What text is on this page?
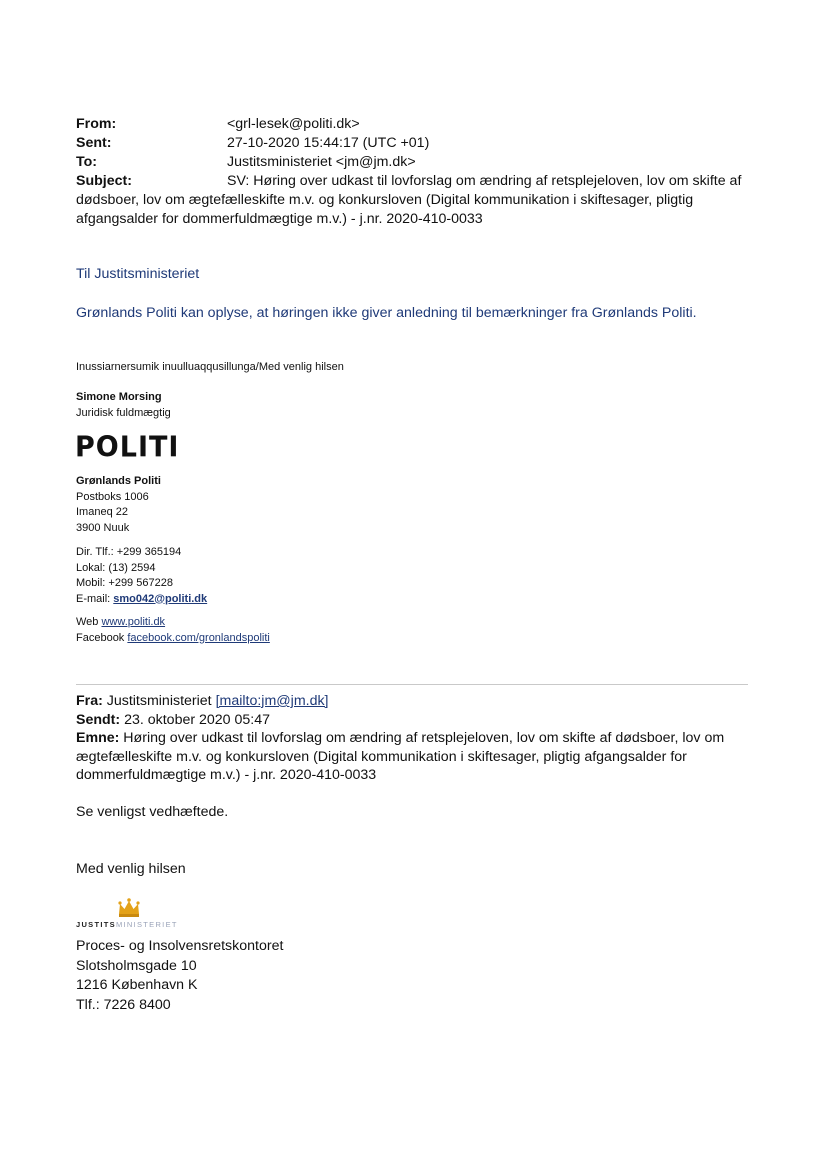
From:	<grl-lesek@politi.dk>
Sent:	27-10-2020 15:44:17 (UTC +01)
To:	Justitsministeriet <jm@jm.dk>
Subject:	SV: Høring over udkast til lovforslag om ændring af retsplejeloven, lov om skifte af
dødsboer, lov om ægtefælleskifte m.v. og konkursloven (Digital kommunikation i skiftesager, pligtig
afgangsalder for dommerfuldmægtige m.v.) - j.nr. 2020-410-0033
Til Justitsministeriet
Grønlands Politi kan oplyse, at høringen ikke giver anledning til bemærkninger fra Grønlands Politi.
Inussiarnersumik inuulluaqqusillunga/Med venlig hilsen
Simone Morsing
Juridisk fuldmægtig
POLITI
Grønlands Politi
Postboks 1006
Imaneq 22
3900 Nuuk
Dir. Tlf.: +299 365194
Lokal: (13) 2594
Mobil: +299 567228
E-mail: smo042@politi.dk
Web www.politi.dk
Facebook facebook.com/gronlandspoliti
Fra: Justitsministeriet [mailto:jm@jm.dk]
Sendt: 23. oktober 2020 05:47
Emne: Høring over udkast til lovforslag om ændring af retsplejeloven, lov om skifte af dødsboer, lov om
ægtefælleskifte m.v. og konkursloven (Digital kommunikation i skiftesager, pligtig afgangsalder for
dommerfuldmægtige m.v.) - j.nr. 2020-410-0033
Se venligst vedhæftede.
Med venlig hilsen
JUSTITSMINISTERIET
Proces- og Insolvensretskontoret
Slotsholmsgade 10
1216 København K
Tlf.: 7226 8400
